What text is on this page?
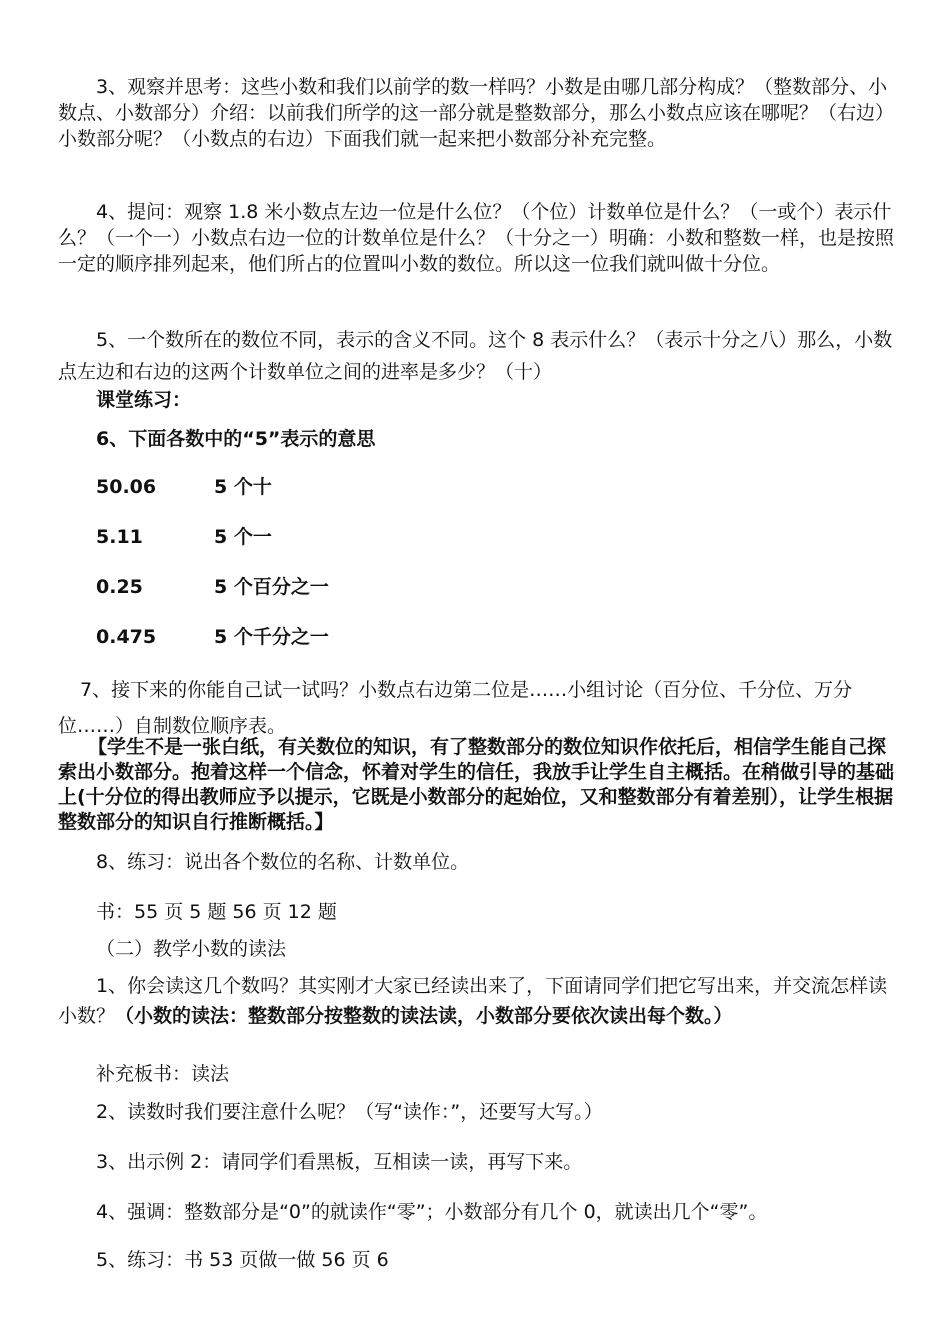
3、观察并思考：这些小数和我们以前学的数一样吗？小数是由哪几部分构成？（整数部分、小数点、小数部分）介绍：以前我们所学的这一部分就是整数部分，那么小数点应该在哪呢？（右边）小数部分呢？（小数点的右边）下面我们就一起来把小数部分补充完整。
4、提问：观察 1.8 米小数点左边一位是什么位？（个位）计数单位是什么？（一或个）表示什么？（一个一）小数点右边一位的计数单位是什么？（十分之一）明确：小数和整数一样，也是按照一定的顺序排列起来，他们所占的位置叫小数的数位。所以这一位我们就叫做十分位。
5、一个数所在的数位不同，表示的含义不同。这个 8 表示什么？（表示十分之八）那么，小数点左边和右边的这两个计数单位之间的进率是多少？（十）
课堂练习：
6、下面各数中的“5”表示的意思
50.06	5 个十
5.11	5 个一
0.25	5 个百分之一
0.475	5 个千分之一
7、接下来的你能自己试一试吗？小数点右边第二位是……小组讨论（百分位、千分位、万分位……）自制数位顺序表。
【学生不是一张白纸，有关数位的知识，有了整数部分的数位知识作依托后，相信学生能自己探索出小数部分。抱着这样一个信念，怀着对学生的信任，我放手让学生自主概括。在稍做引导的基础上(十分位的得出教师应予以提示，它既是小数部分的起始位，又和整数部分有着差别），让学生根据整数部分的知识自行推断概括。】
8、练习：说出各个数位的名称、计数单位。
书：55 页 5 题 56 页 12 题
（二）教学小数的读法
1、你会读这几个数吗？其实刚才大家已经读出来了，下面请同学们把它写出来，并交流怎样读小数？（小数的读法：整数部分按整数的读法读，小数部分要依次读出每个数。）
补充板书：读法
2、读数时我们要注意什么呢？（写“读作：”，还要写大写。）
3、出示例 2：请同学们看黑板，互相读一读，再写下来。
4、强调：整数部分是“0”的就读作“零”；小数部分有几个 0，就读出几个“零”。
5、练习：书 53 页做一做 56 页 6
